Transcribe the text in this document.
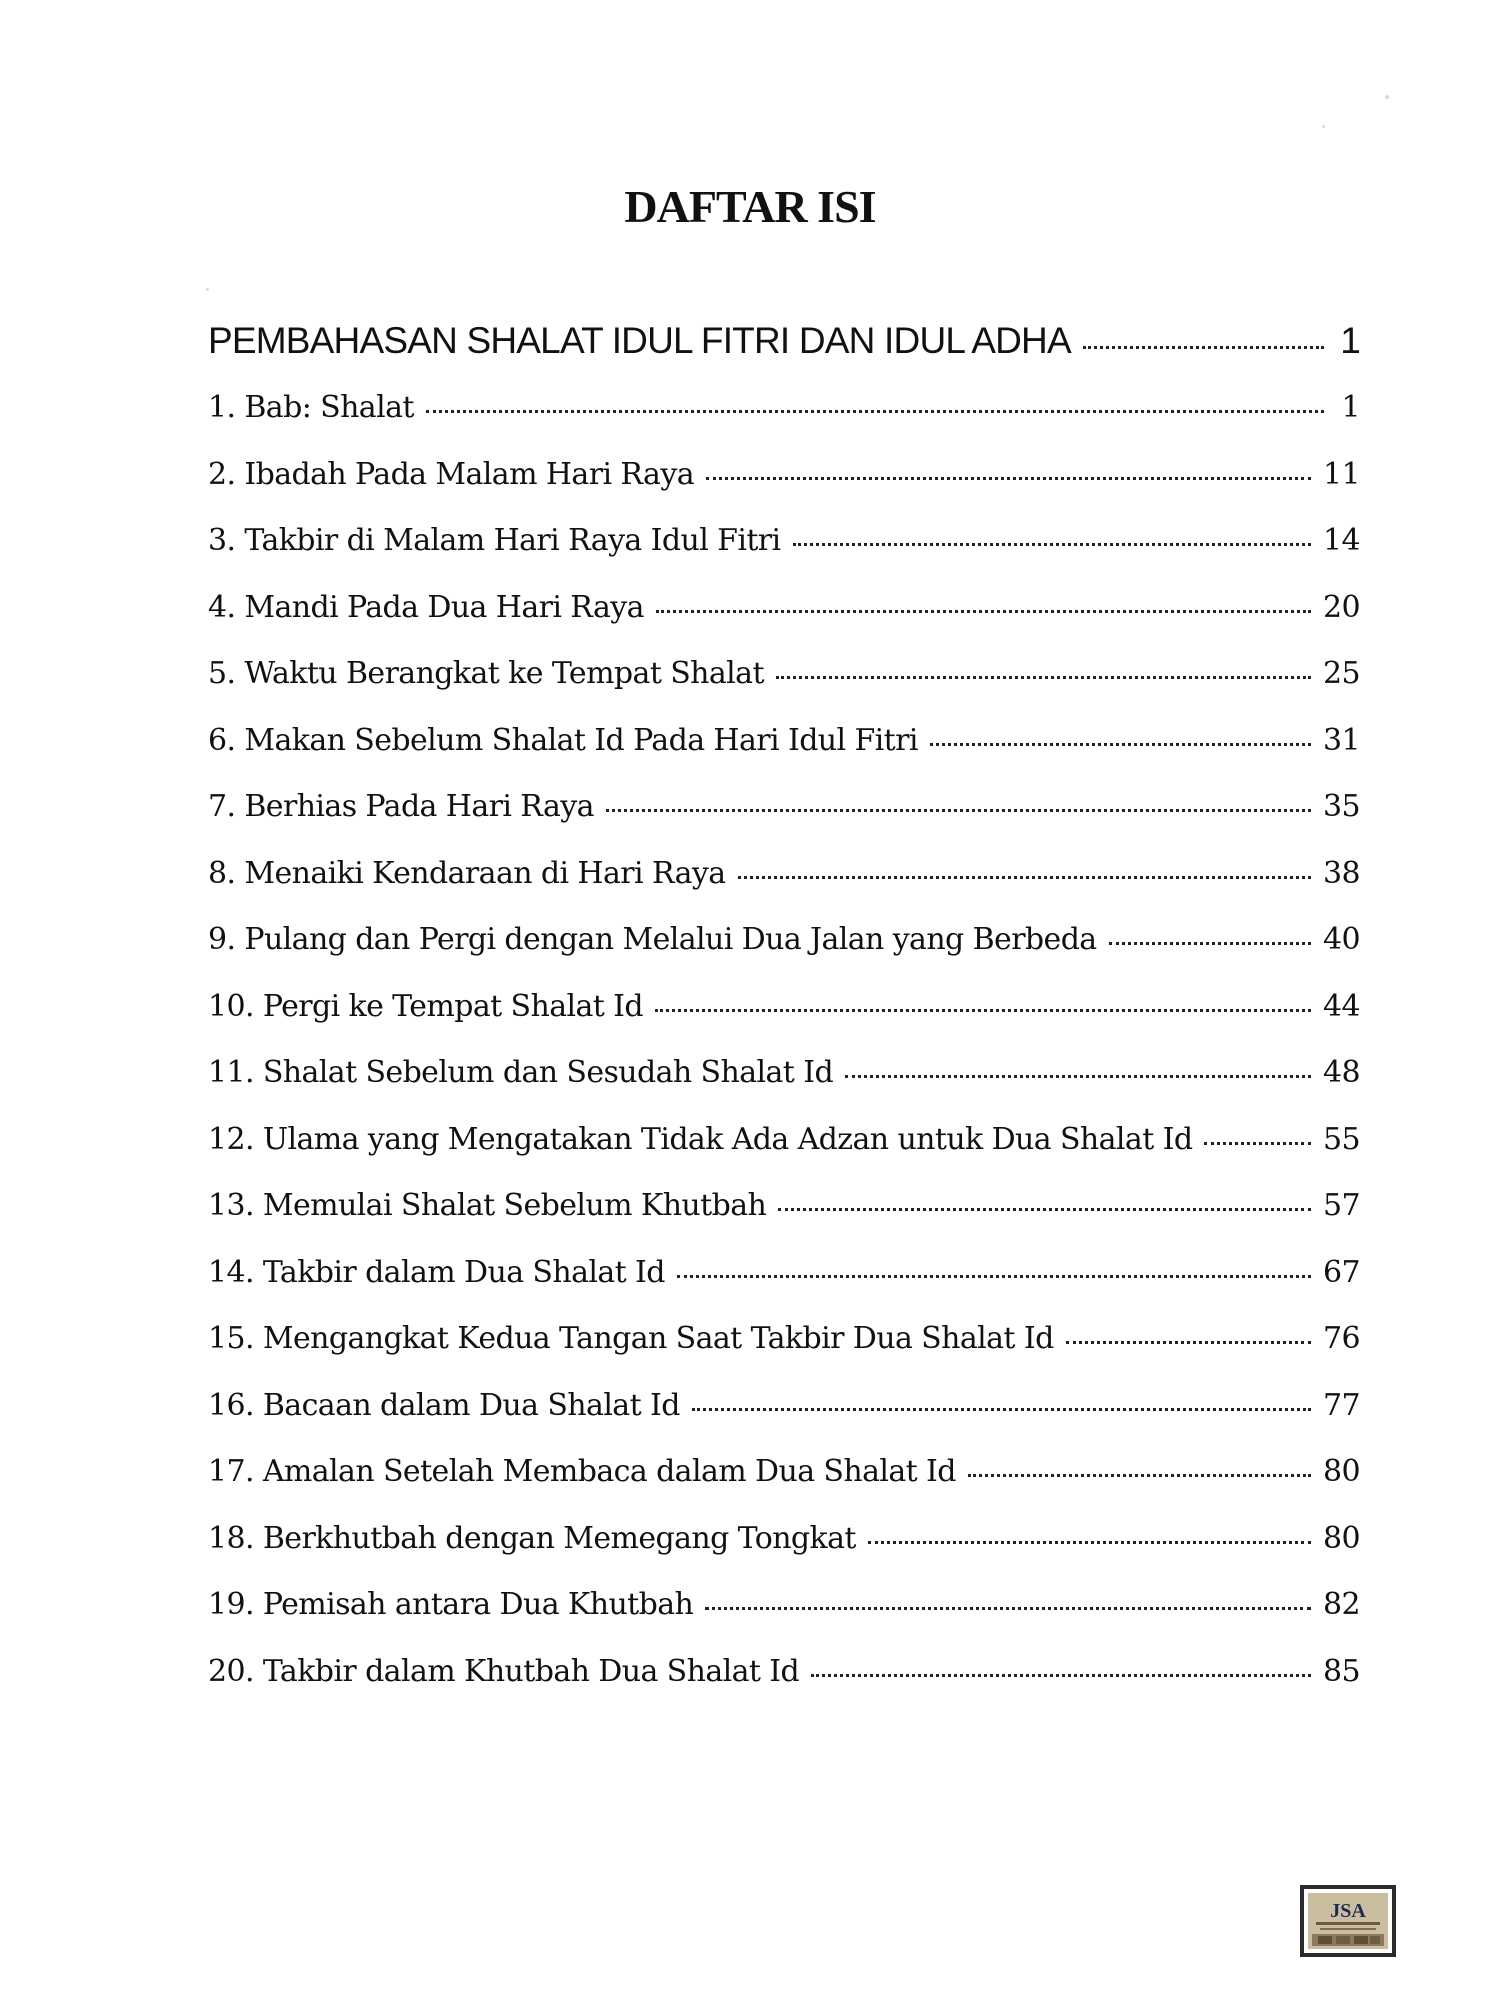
DAFTAR ISI
PEMBAHASAN SHALAT IDUL FITRI DAN IDUL ADHA	1
1. Bab: Shalat	1
2. Ibadah Pada Malam Hari Raya	11
3. Takbir di Malam Hari Raya Idul Fitri	14
4. Mandi Pada Dua Hari Raya	20
5. Waktu Berangkat ke Tempat Shalat	25
6. Makan Sebelum Shalat Id Pada Hari Idul Fitri	31
7. Berhias Pada Hari Raya	35
8. Menaiki Kendaraan di Hari Raya	38
9. Pulang dan Pergi dengan Melalui Dua Jalan yang Berbeda	40
10. Pergi ke Tempat Shalat Id	44
11. Shalat Sebelum dan Sesudah Shalat Id	48
12. Ulama yang Mengatakan Tidak Ada Adzan untuk Dua Shalat Id	55
13. Memulai Shalat Sebelum Khutbah	57
14. Takbir dalam Dua Shalat Id	67
15. Mengangkat Kedua Tangan Saat Takbir Dua Shalat Id	76
16. Bacaan dalam Dua Shalat Id	77
17. Amalan Setelah Membaca dalam Dua Shalat Id	80
18. Berkhutbah dengan Memegang Tongkat	80
19. Pemisah antara Dua Khutbah	82
20. Takbir dalam Khutbah Dua Shalat Id	85
JSA
